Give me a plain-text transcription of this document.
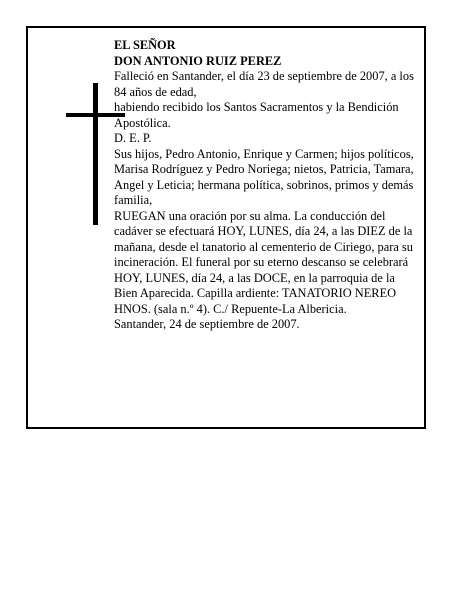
EL SEÑOR

DON ANTONIO RUIZ PEREZ

Falleció en Santander, el día 23 de septiembre de 2007, a los 84 años de edad,

habiendo recibido los Santos Sacramentos y la Bendición Apostólica.

D. E. P.

Sus hijos, Pedro Antonio, Enrique y Carmen; hijos políticos, Marisa Rodríguez y Pedro Noriega; nietos, Patricia, Tamara, Angel y Leticia; hermana política, sobrinos, primos y demás familia,

RUEGAN una oración por su alma. La conducción del cadáver se efectuará HOY, LUNES, día 24, a las DIEZ de la mañana, desde el tanatorio al cementerio de Ciriego, para su incineración. El funeral por su eterno descanso se celebrará HOY, LUNES, día 24, a las DOCE, en la parroquia de la Bien Aparecida. Capilla ardiente: TANATORIO NEREO HNOS. (sala n.º 4). C./ Repuente-La Albericia.

Santander, 24 de septiembre de 2007.
